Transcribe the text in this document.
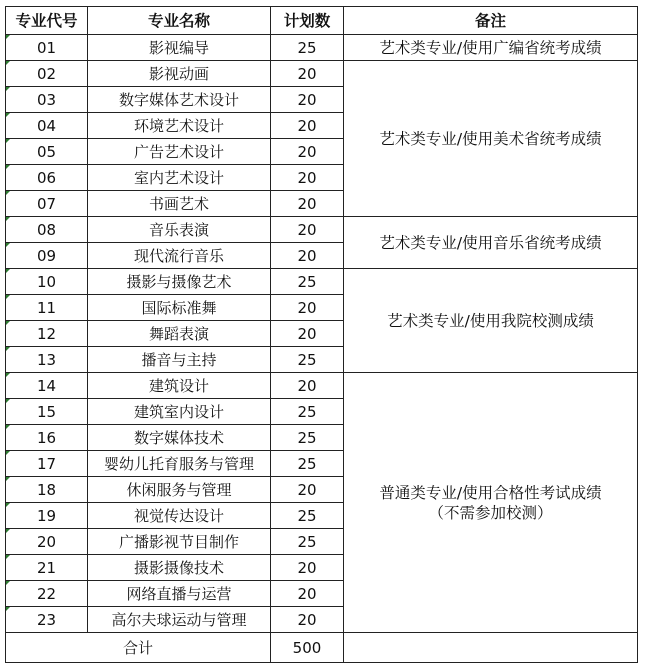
专业代号	专业名称	计划数	备注

01	影视编导	25	艺术类专业/使用广编省统考成绩

02	影视动画	20	艺术类专业/使用美术省统考成绩

03	数字媒体艺术设计	20	

04	环境艺术设计	20	

05	广告艺术设计	20	

06	室内艺术设计	20	

07	书画艺术	20	

08	音乐表演	20	艺术类专业/使用音乐省统考成绩

09	现代流行音乐	20	

10	摄影与摄像艺术	25	艺术类专业/使用我院校测成绩

11	国际标准舞	20	

12	舞蹈表演	20	

13	播音与主持	25	

14	建筑设计	20	普通类专业/使用合格性考试成绩
（不需参加校测）

15	建筑室内设计	25	

16	数字媒体技术	25	

17	婴幼儿托育服务与管理	25	

18	休闲服务与管理	20	

19	视觉传达设计	25	

20	广播影视节目制作	25	

21	摄影摄像技术	20	

22	网络直播与运营	20	

23	高尔夫球运动与管理	20	
合计		500	
